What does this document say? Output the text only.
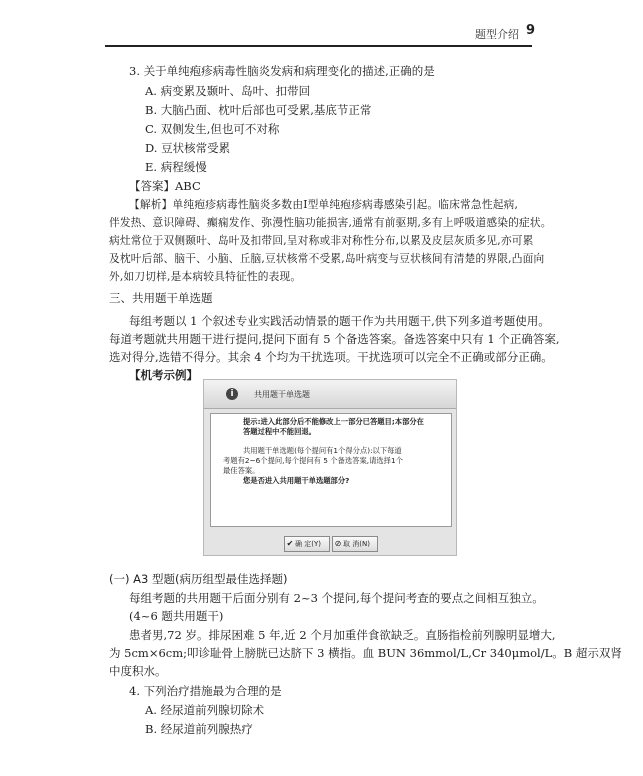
题型介绍 9
3. 关于单纯疱疹病毒性脑炎发病和病理变化的描述,正确的是
A. 病变累及颞叶、岛叶、扣带回
B. 大脑凸面、枕叶后部也可受累,基底节正常
C. 双侧发生,但也可不对称
D. 豆状核常受累
E. 病程缓慢
【答案】ABC
【解析】单纯疱疹病毒性脑炎多数由Ⅰ型单纯疱疹病毒感染引起。临床常急性起病,
伴发热、意识障碍、癫痫发作、弥漫性脑功能损害,通常有前驱期,多有上呼吸道感染的症状。
病灶常位于双侧颞叶、岛叶及扣带回,呈对称或非对称性分布,以累及皮层灰质多见,亦可累
及枕叶后部、脑干、小脑、丘脑,豆状核常不受累,岛叶病变与豆状核间有清楚的界限,凸面向
外,如刀切样,是本病较具特征性的表现。
三、共用题干单选题
每组考题以 1 个叙述专业实践活动情景的题干作为共用题干,供下列多道考题使用。
每道考题就共用题干进行提问,提问下面有 5 个备选答案。备选答案中只有 1 个正确答案,
选对得分,选错不得分。其余 4 个均为干扰选项。干扰选项可以完全不正确或部分正确。
【机考示例】
i	共用题干单选题
提示:进入此部分后不能修改上一部分已答题目;本部分在
答题过程中不能回退。
共用题干单选题(每个提问有1个得分点):以下每道
考题有2~6个提问,每个提问有 5 个备选答案,请选择1个
最佳答案。
您是否进入共用题干单选题部分?
✔ 确 定(Y)	⊘ 取 消(N)
(一) A3 型题(病历组型最佳选择题)
每组考题的共用题干后面分别有 2~3 个提问,每个提问考查的要点之间相互独立。
(4~6 题共用题干)
患者男,72 岁。排尿困难 5 年,近 2 个月加重伴食欲缺乏。直肠指检前列腺明显增大,
为 5cm×6cm;叩诊耻骨上膀胱已达脐下 3 横指。血 BUN 36mmol/L,Cr 340μmol/L。B 超示双肾
中度积水。
4. 下列治疗措施最为合理的是
A. 经尿道前列腺切除术
B. 经尿道前列腺热疗
